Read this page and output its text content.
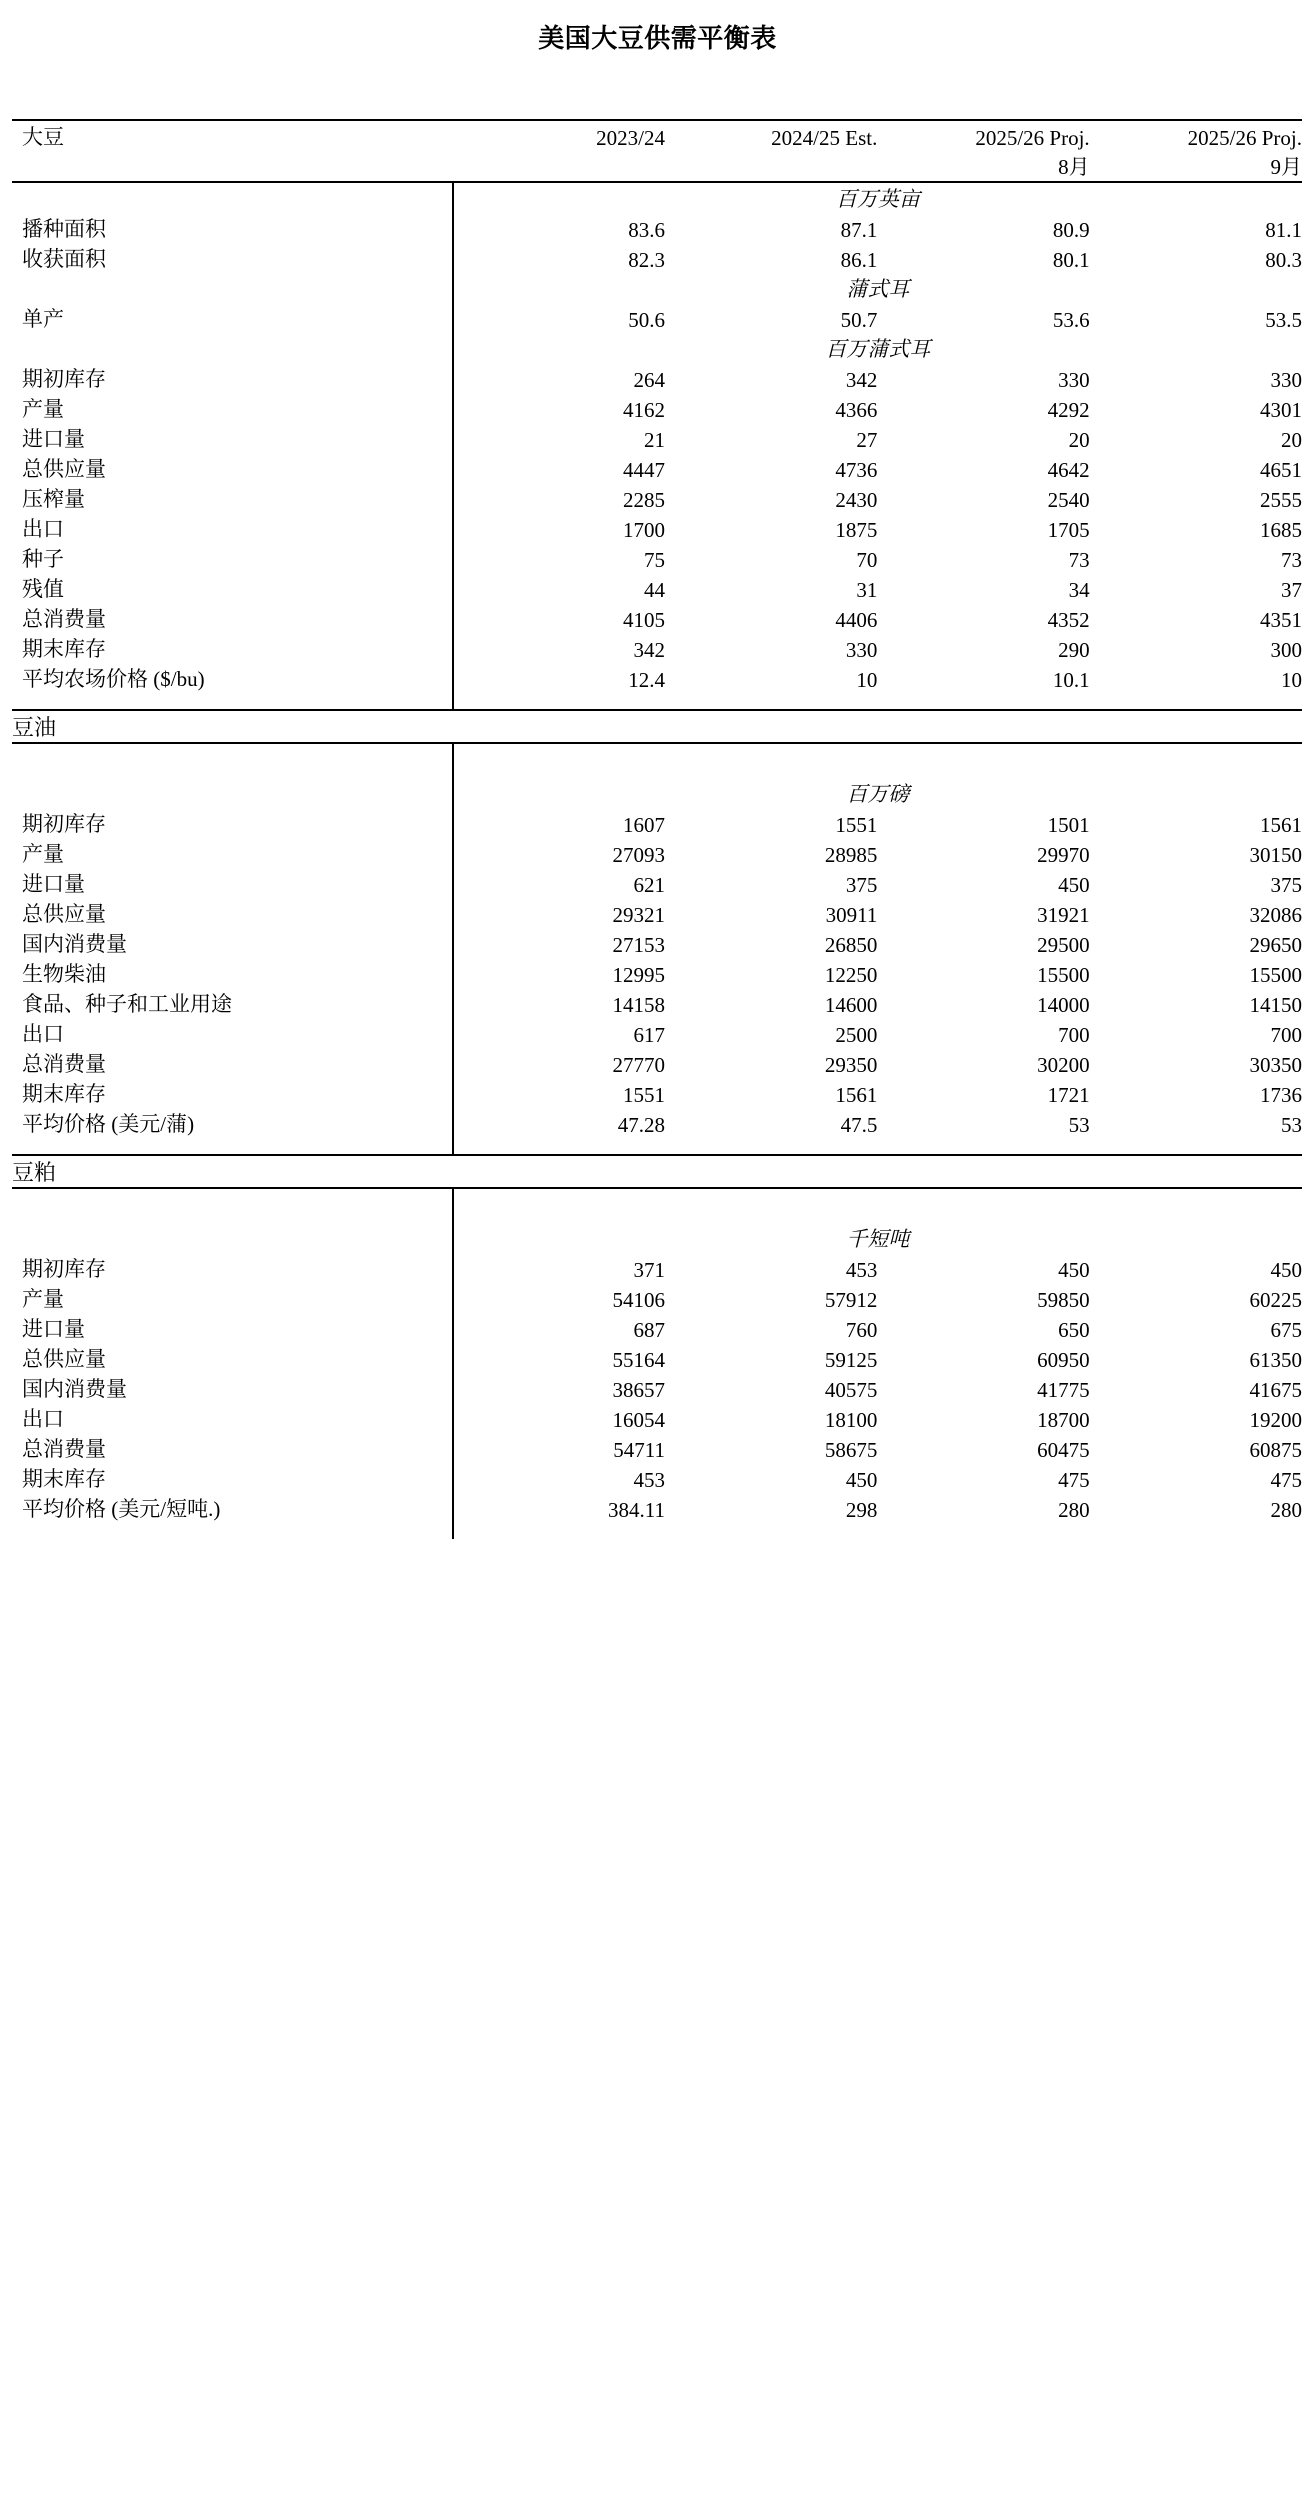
美国大豆供需平衡表

大豆	2023/24	2024/25 Est.	2025/26 Proj.	2025/26 Proj.
			8月	9月

	百万英亩			
播种面积	83.6	87.1	80.9	81.1
收获面积	82.3	86.1	80.1	80.3
	蒲式耳			
单产	50.6	50.7	53.6	53.5
	百万蒲式耳			
期初库存	264	342	330	330
产量	4162	4366	4292	4301
进口量	21	27	20	20
总供应量	4447	4736	4642	4651
压榨量	2285	2430	2540	2555
出口	1700	1875	1705	1685
种子	75	70	73	73
残值	44	31	34	37
总消费量	4105	4406	4352	4351
期末库存	342	330	290	300
平均农场价格 ($/bu)	12.4	10	10.1	10

豆油				

	百万磅			
期初库存	1607	1551	1501	1561
产量	27093	28985	29970	30150
进口量	621	375	450	375
总供应量	29321	30911	31921	32086
国内消费量	27153	26850	29500	29650
生物柴油	12995	12250	15500	15500
食品、种子和工业用途	14158	14600	14000	14150
出口	617	2500	700	700
总消费量	27770	29350	30200	30350
期末库存	1551	1561	1721	1736
平均价格 (美元/蒲)	47.28	47.5	53	53

豆粕				

	千短吨			
期初库存	371	453	450	450
产量	54106	57912	59850	60225
进口量	687	760	650	675
总供应量	55164	59125	60950	61350
国内消费量	38657	40575	41775	41675
出口	16054	18100	18700	19200
总消费量	54711	58675	60475	60875
期末库存	453	450	475	475
平均价格 (美元/短吨.)	384.11	298	280	280
